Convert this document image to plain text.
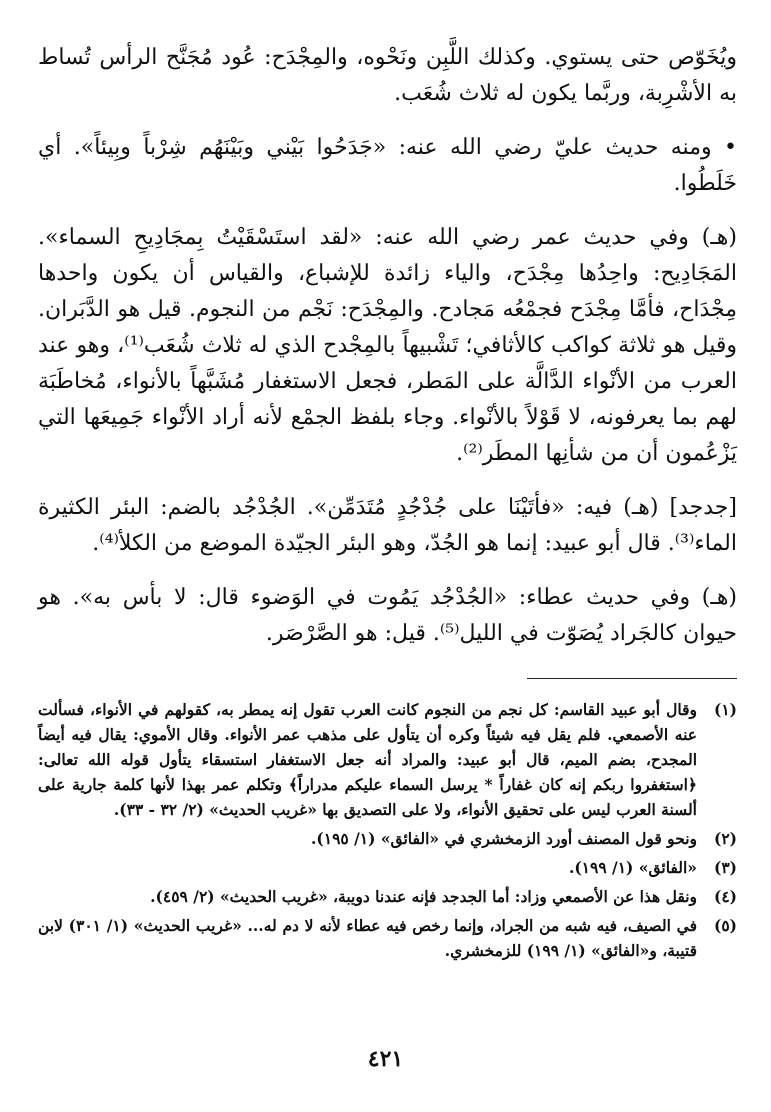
ويُخَوّص حتى يستوي. وكذلك اللَّبِن ونَحْوه، والمِجْدَح: عُود مُجَنَّح الرأس تُساط به الأشْرِبة، وربَّما يكون له ثلاث شُعَب.

• ومنه حديث عليّ رضي الله عنه: «جَدَحُوا بَيْني وبَيْنَهُم شِرْباً وبِيئاً». أي خَلَطُوا.

(هـ) وفي حديث عمر رضي الله عنه: «لقد استَسْقَيْتُ بِمجَادِيحِ السماء». المَجَادِيح: واحِدُها مِجْدَح، والياء زائدة للإشباع، والقياس أن يكون واحدها مِجْدَاح، فأمَّا مِجْدَح فجمْعُه مَجادح. والمِجْدَح: نَجْم من النجوم. قيل هو الدَّبَران. وقيل هو ثلاثة كواكب كالأثافي؛ تَشْبيهاً بالمِجْدح الذي له ثلاث شُعَب⁽¹⁾، وهو عند العرب من الأنْواء الدَّالَّة على المَطر، فجعل الاستغفار مُشَبَّهاً بالأنواء، مُخاطَبَة لهم بما يعرفونه، لا قَوْلاً بالأنْواء. وجاء بلفظ الجمْع لأنه أراد الأنْواء جَمِيعَها التي يَزْعُمون أن من شأنِها المطَر⁽²⁾.

[جدجد] (هـ) فيه: «فأتَيْنَا على جُدْجُدٍ مُتَدَمِّن». الجُدْجُد بالضم: البئر الكثيرة الماء⁽³⁾. قال أبو عبيد: إنما هو الجُدّ، وهو البئر الجيّدة الموضع من الكلأ⁽⁴⁾.

(هـ) وفي حديث عطاء: «الجُدْجُد يَمُوت في الوَضوء قال: لا بأس به». هو حيوان كالجَراد يُصَوّت في الليل⁽⁵⁾. قيل: هو الصَّرْصَر.

(١)
وقال أبو عبيد القاسم: كل نجم من النجوم كانت العرب تقول إنه يمطر به، كقولهم في الأنواء، فسألت عنه الأصمعي. فلم يقل فيه شيئاً وكره أن يتأول على مذهب عمر الأنواء. وقال الأموي: يقال فيه أيضاً المجدح، بضم الميم، قال أبو عبيد: والمراد أنه جعل الاستغفار استسقاء يتأول قوله الله تعالى: ﴿استغفروا ربكم إنه كان غفاراً * يرسل السماء عليكم مدراراً﴾ وتكلم عمر بهذا لأنها كلمة جارية على ألسنة العرب ليس على تحقيق الأنواء، ولا على التصديق بها «غريب الحديث» (٢/ ٣٢ - ٣٣).
(٢)
ونحو قول المصنف أورد الزمخشري في «الفائق» (١/ ١٩٥).
(٣)
«الفائق» (١/ ١٩٩).
(٤)
ونقل هذا عن الأصمعي وزاد: أما الجدجد فإنه عندنا دويبة، «غريب الحديث» (٢/ ٤٥٩).
(٥)
في الصيف، فيه شبه من الجراد، وإنما رخص فيه عطاء لأنه لا دم له... «غريب الحديث» (١/ ٣٠١) لابن قتيبة، و«الفائق» (١/ ١٩٩) للزمخشري.
٤٢١
